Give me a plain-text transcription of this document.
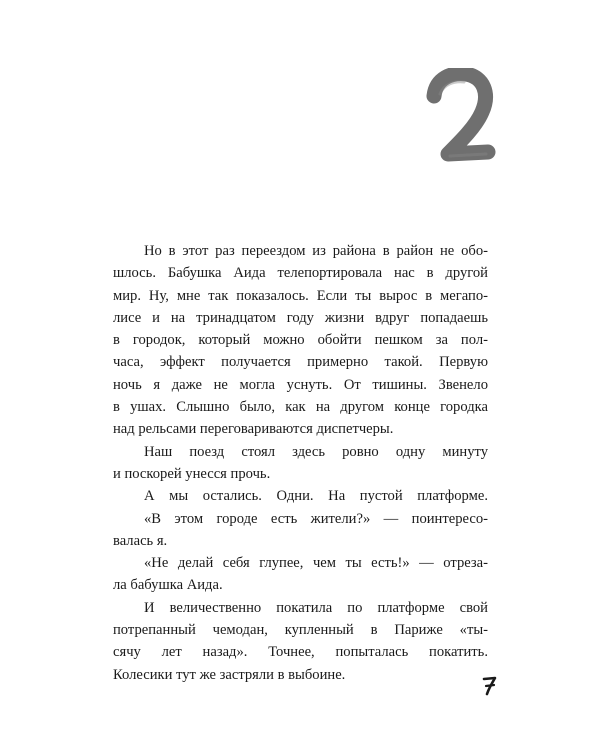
2
Но в этот раз переездом из района в район не обо-
шлось. Бабушка Аида телепортировала нас в другой
мир. Ну, мне так показалось. Если ты вырос в мегапо-
лисе и на тринадцатом году жизни вдруг попадаешь
в городок, который можно обойти пешком за пол-
часа, эффект получается примерно такой. Первую
ночь я даже не могла уснуть. От тишины. Звенело
в ушах. Слышно было, как на другом конце городка
над рельсами переговариваются диспетчеры.
Наш поезд стоял здесь ровно одну минуту
и поскорей унесся прочь.
А мы остались. Одни. На пустой платформе.
«В этом городе есть жители?» — поинтересо-
валась я.
«Не делай себя глупее, чем ты есть!» — отреза-
ла бабушка Аида.
И величественно покатила по платформе свой
потрепанный чемодан, купленный в Париже «ты-
сячу лет назад». Точнее, попыталась покатить.
Колесики тут же застряли в выбоине.	7
